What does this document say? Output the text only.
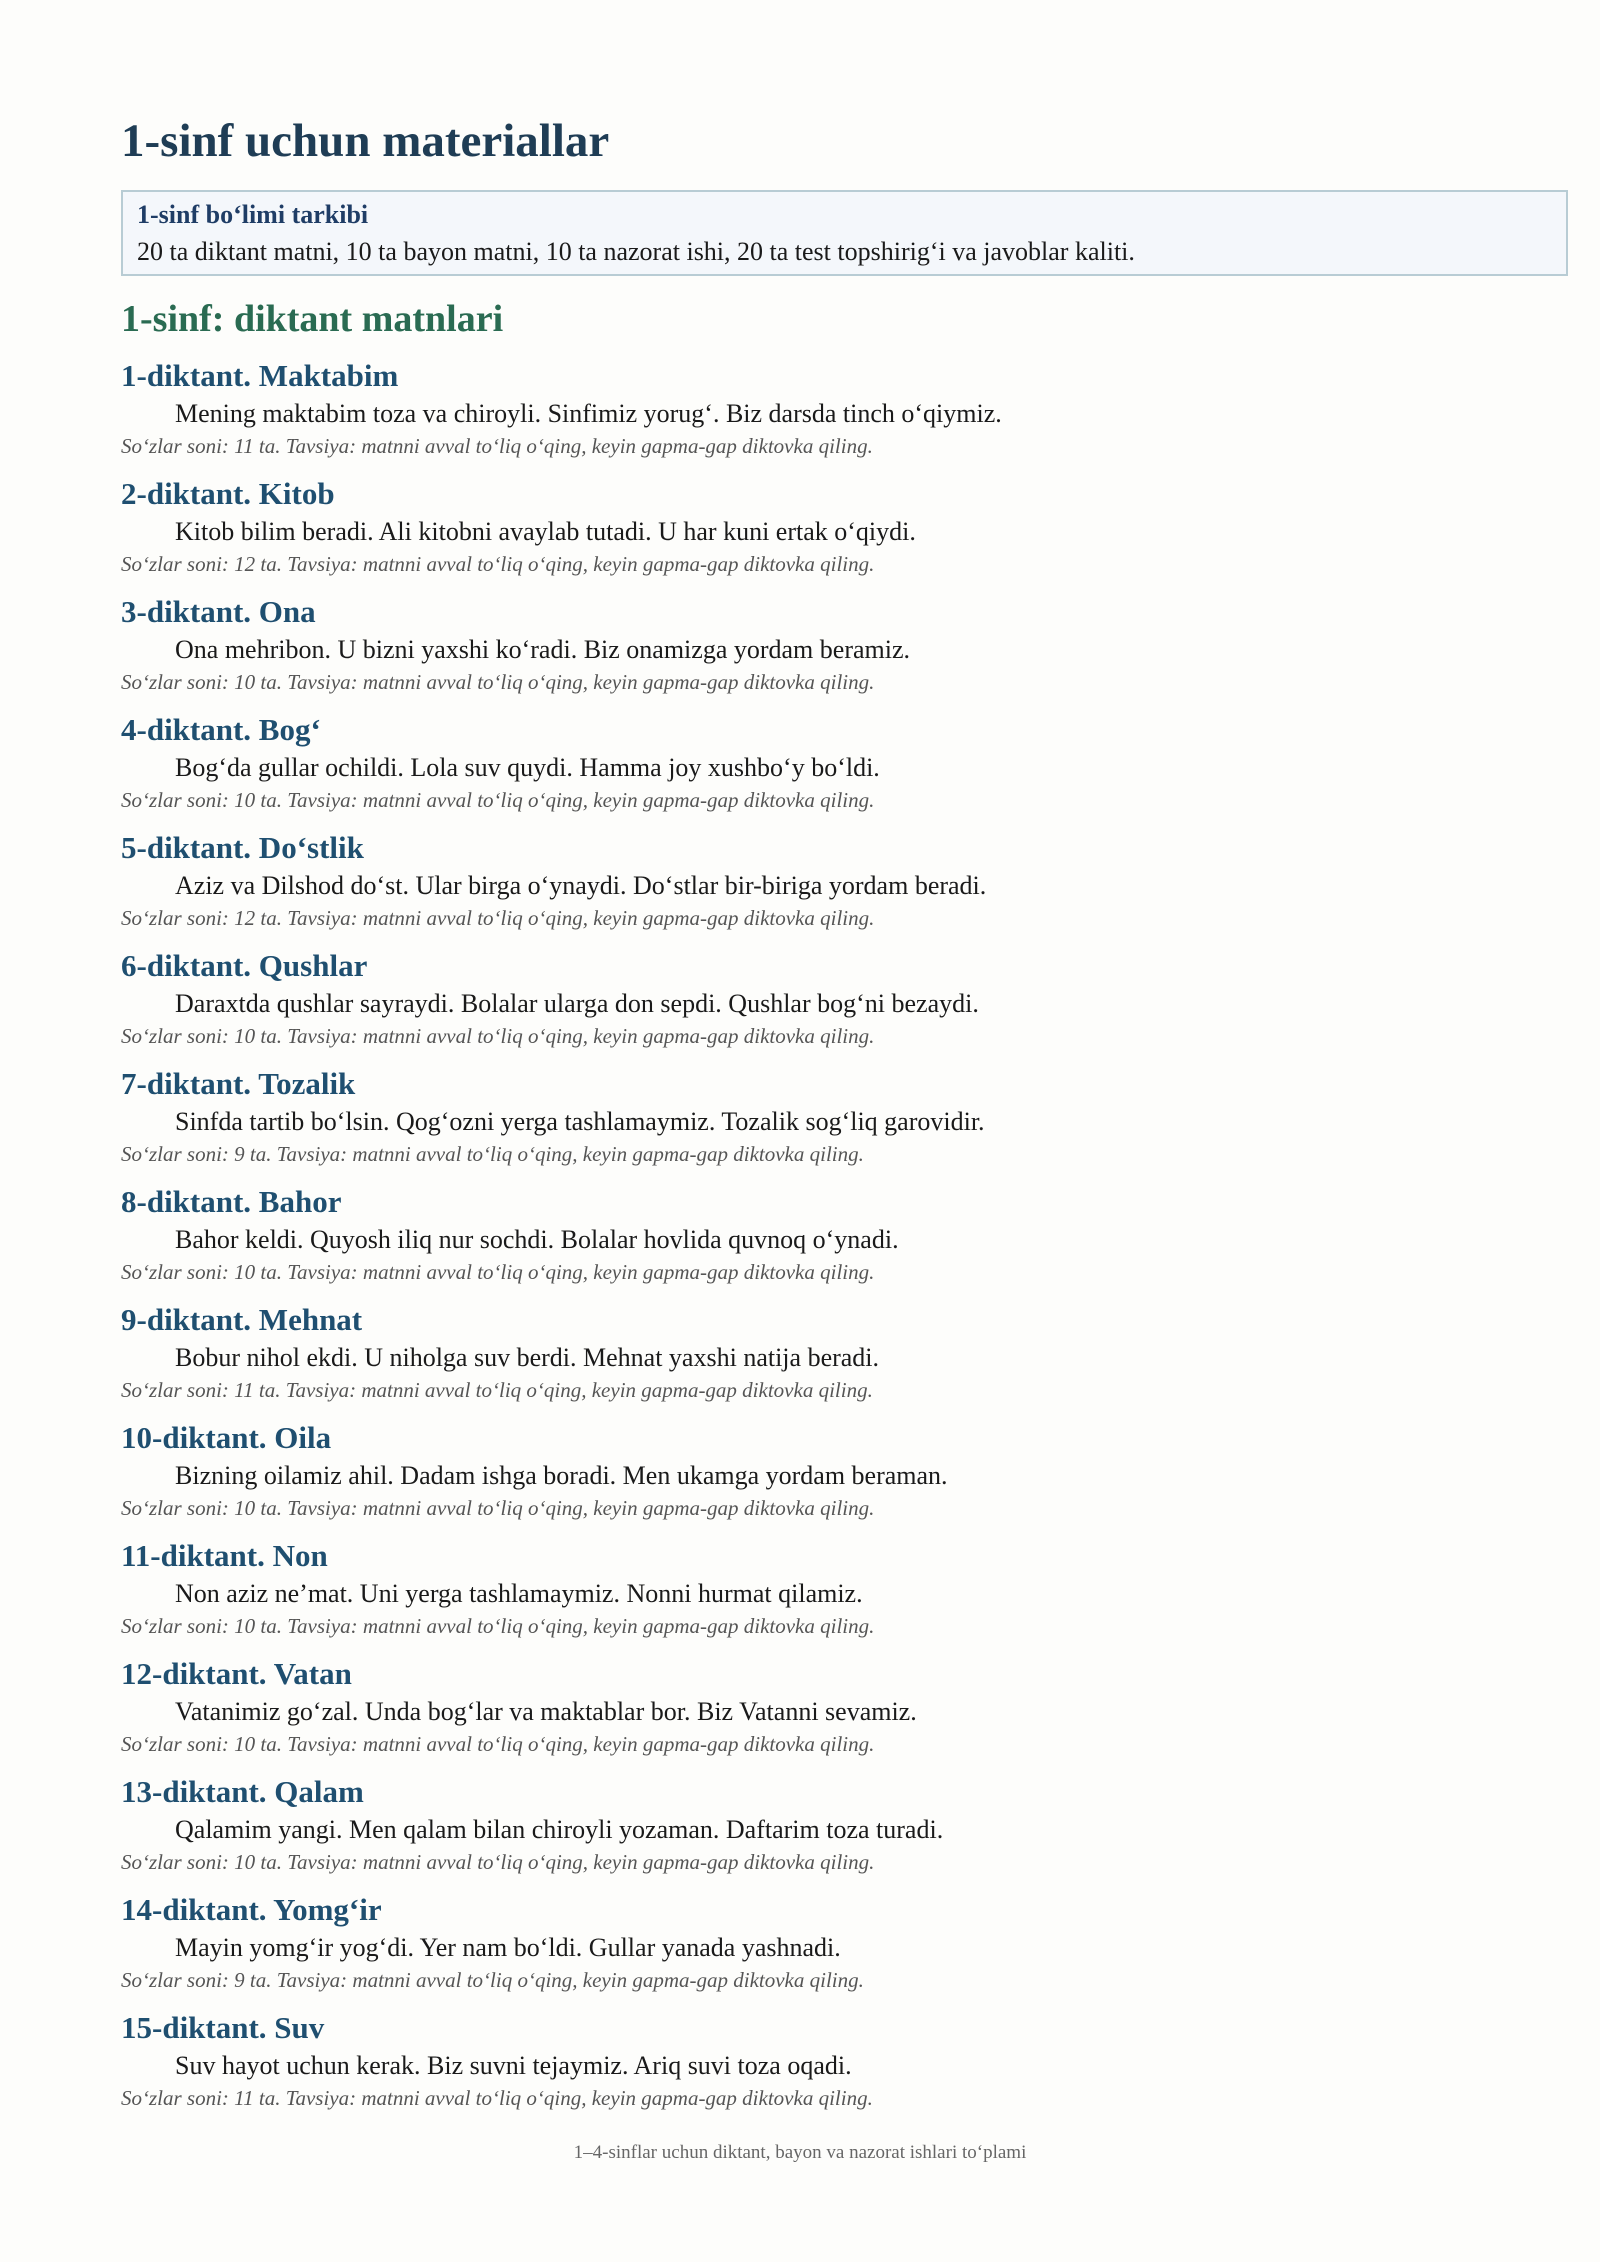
1-sinf uchun materiallar
1-sinf bo‘limi tarkibi
20 ta diktant matni, 10 ta bayon matni, 10 ta nazorat ishi, 20 ta test topshirig‘i va javoblar kaliti.
1-sinf: diktant matnlari
1-diktant. Maktabim
Mening maktabim toza va chiroyli. Sinfimiz yorug‘. Biz darsda tinch o‘qiymiz.
So‘zlar soni: 11 ta. Tavsiya: matnni avval to‘liq o‘qing, keyin gapma-gap diktovka qiling.
2-diktant. Kitob
Kitob bilim beradi. Ali kitobni avaylab tutadi. U har kuni ertak o‘qiydi.
So‘zlar soni: 12 ta. Tavsiya: matnni avval to‘liq o‘qing, keyin gapma-gap diktovka qiling.
3-diktant. Ona
Ona mehribon. U bizni yaxshi ko‘radi. Biz onamizga yordam beramiz.
So‘zlar soni: 10 ta. Tavsiya: matnni avval to‘liq o‘qing, keyin gapma-gap diktovka qiling.
4-diktant. Bog‘
Bog‘da gullar ochildi. Lola suv quydi. Hamma joy xushbo‘y bo‘ldi.
So‘zlar soni: 10 ta. Tavsiya: matnni avval to‘liq o‘qing, keyin gapma-gap diktovka qiling.
5-diktant. Do‘stlik
Aziz va Dilshod do‘st. Ular birga o‘ynaydi. Do‘stlar bir-biriga yordam beradi.
So‘zlar soni: 12 ta. Tavsiya: matnni avval to‘liq o‘qing, keyin gapma-gap diktovka qiling.
6-diktant. Qushlar
Daraxtda qushlar sayraydi. Bolalar ularga don sepdi. Qushlar bog‘ni bezaydi.
So‘zlar soni: 10 ta. Tavsiya: matnni avval to‘liq o‘qing, keyin gapma-gap diktovka qiling.
7-diktant. Tozalik
Sinfda tartib bo‘lsin. Qog‘ozni yerga tashlamaymiz. Tozalik sog‘liq garovidir.
So‘zlar soni: 9 ta. Tavsiya: matnni avval to‘liq o‘qing, keyin gapma-gap diktovka qiling.
8-diktant. Bahor
Bahor keldi. Quyosh iliq nur sochdi. Bolalar hovlida quvnoq o‘ynadi.
So‘zlar soni: 10 ta. Tavsiya: matnni avval to‘liq o‘qing, keyin gapma-gap diktovka qiling.
9-diktant. Mehnat
Bobur nihol ekdi. U niholga suv berdi. Mehnat yaxshi natija beradi.
So‘zlar soni: 11 ta. Tavsiya: matnni avval to‘liq o‘qing, keyin gapma-gap diktovka qiling.
10-diktant. Oila
Bizning oilamiz ahil. Dadam ishga boradi. Men ukamga yordam beraman.
So‘zlar soni: 10 ta. Tavsiya: matnni avval to‘liq o‘qing, keyin gapma-gap diktovka qiling.
11-diktant. Non
Non aziz ne’mat. Uni yerga tashlamaymiz. Nonni hurmat qilamiz.
So‘zlar soni: 10 ta. Tavsiya: matnni avval to‘liq o‘qing, keyin gapma-gap diktovka qiling.
12-diktant. Vatan
Vatanimiz go‘zal. Unda bog‘lar va maktablar bor. Biz Vatanni sevamiz.
So‘zlar soni: 10 ta. Tavsiya: matnni avval to‘liq o‘qing, keyin gapma-gap diktovka qiling.
13-diktant. Qalam
Qalamim yangi. Men qalam bilan chiroyli yozaman. Daftarim toza turadi.
So‘zlar soni: 10 ta. Tavsiya: matnni avval to‘liq o‘qing, keyin gapma-gap diktovka qiling.
14-diktant. Yomg‘ir
Mayin yomg‘ir yog‘di. Yer nam bo‘ldi. Gullar yanada yashnadi.
So‘zlar soni: 9 ta. Tavsiya: matnni avval to‘liq o‘qing, keyin gapma-gap diktovka qiling.
15-diktant. Suv
Suv hayot uchun kerak. Biz suvni tejaymiz. Ariq suvi toza oqadi.
So‘zlar soni: 11 ta. Tavsiya: matnni avval to‘liq o‘qing, keyin gapma-gap diktovka qiling.
1–4-sinflar uchun diktant, bayon va nazorat ishlari to‘plami
